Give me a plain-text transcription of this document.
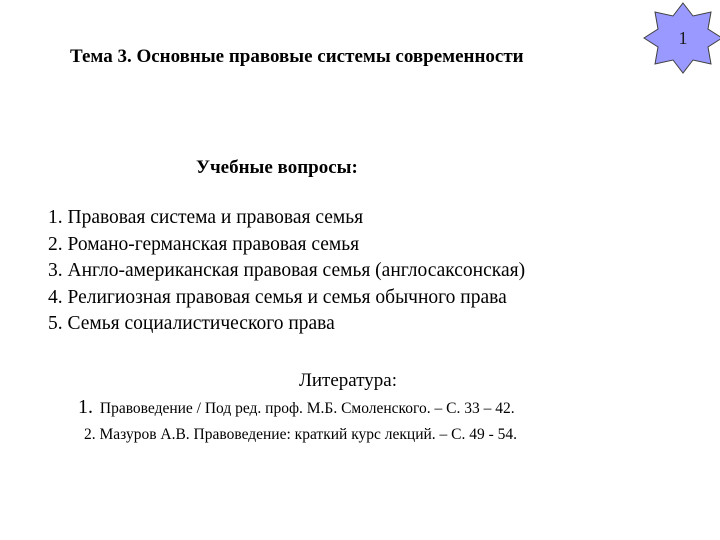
Тема 3. Основные правовые системы современности
1
Учебные вопросы:
1. Правовая система и правовая семья
2. Романо-германская правовая семья
3. Англо-американская правовая семья (англосаксонская)
4. Религиозная правовая семья и семья обычного права
5. Семья социалистического права
Литература:
1. Правоведение / Под ред. проф. М.Б. Смоленского. – С. 33 – 42.
2. Мазуров А.В. Правоведение: краткий курс лекций. – С. 49 - 54.
